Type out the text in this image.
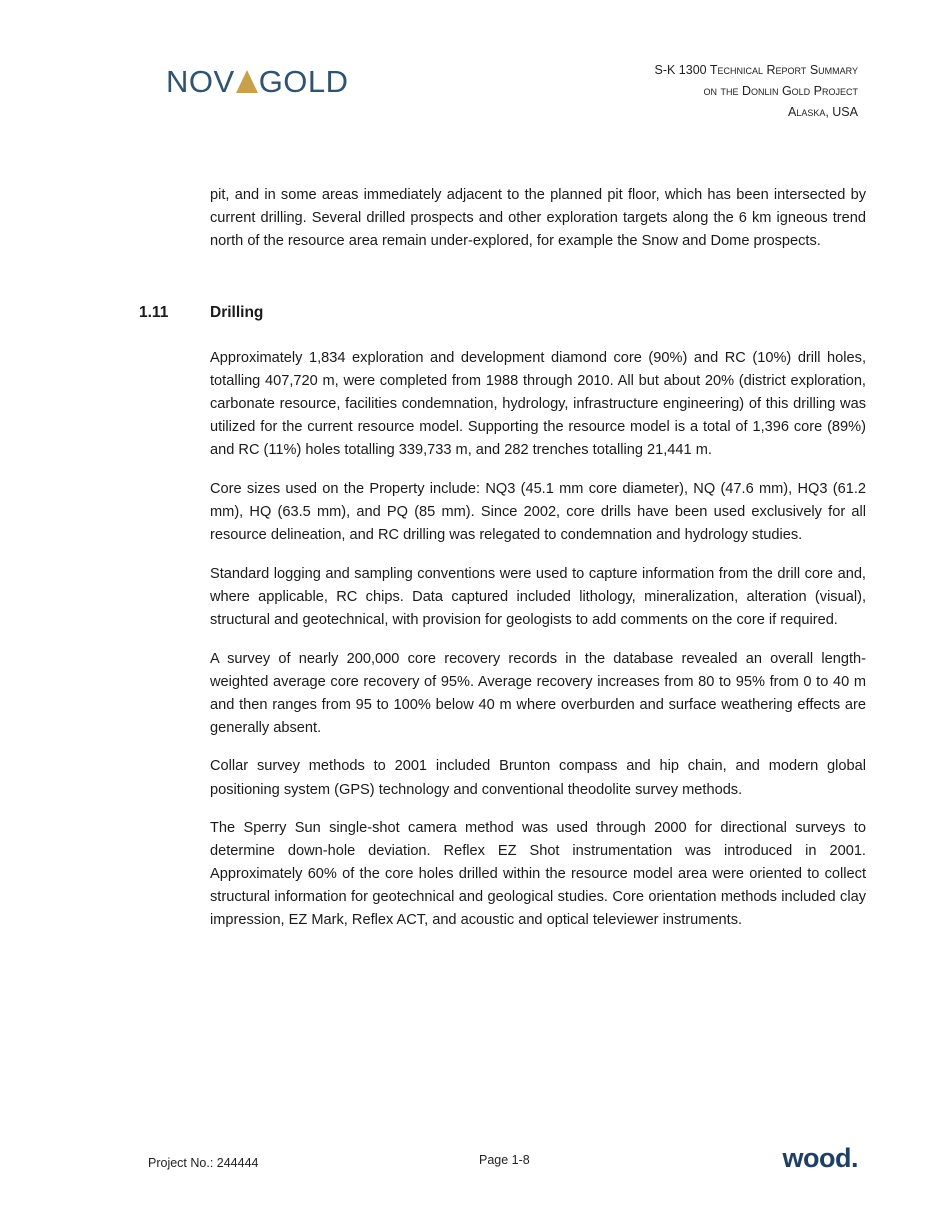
NOV GOLD	S-K 1300 Technical Report Summary
on the Donlin Gold Project
Alaska, USA

pit, and in some areas immediately adjacent to the planned pit floor, which has been intersected by current drilling. Several drilled prospects and other exploration targets along the 6 km igneous trend north of the resource area remain under-explored, for example the Snow and Dome prospects.

1.11	Drilling

Approximately 1,834 exploration and development diamond core (90%) and RC (10%) drill holes, totalling 407,720 m, were completed from 1988 through 2010. All but about 20% (district exploration, carbonate resource, facilities condemnation, hydrology, infrastructure engineering) of this drilling was utilized for the current resource model. Supporting the resource model is a total of 1,396 core (89%) and RC (11%) holes totalling 339,733 m, and 282 trenches totalling 21,441 m.

Core sizes used on the Property include: NQ3 (45.1 mm core diameter), NQ (47.6 mm), HQ3 (61.2 mm), HQ (63.5 mm), and PQ (85 mm). Since 2002, core drills have been used exclusively for all resource delineation, and RC drilling was relegated to condemnation and hydrology studies.

Standard logging and sampling conventions were used to capture information from the drill core and, where applicable, RC chips. Data captured included lithology, mineralization, alteration (visual), structural and geotechnical, with provision for geologists to add comments on the core if required.

A survey of nearly 200,000 core recovery records in the database revealed an overall length-weighted average core recovery of 95%. Average recovery increases from 80 to 95% from 0 to 40 m and then ranges from 95 to 100% below 40 m where overburden and surface weathering effects are generally absent.

Collar survey methods to 2001 included Brunton compass and hip chain, and modern global positioning system (GPS) technology and conventional theodolite survey methods.

The Sperry Sun single-shot camera method was used through 2000 for directional surveys to determine down-hole deviation. Reflex EZ Shot instrumentation was introduced in 2001. Approximately 60% of the core holes drilled within the resource model area were oriented to collect structural information for geotechnical and geological studies. Core orientation methods included clay impression, EZ Mark, Reflex ACT, and acoustic and optical televiewer instruments.

Project No.: 244444	Page 1-8	wood.
